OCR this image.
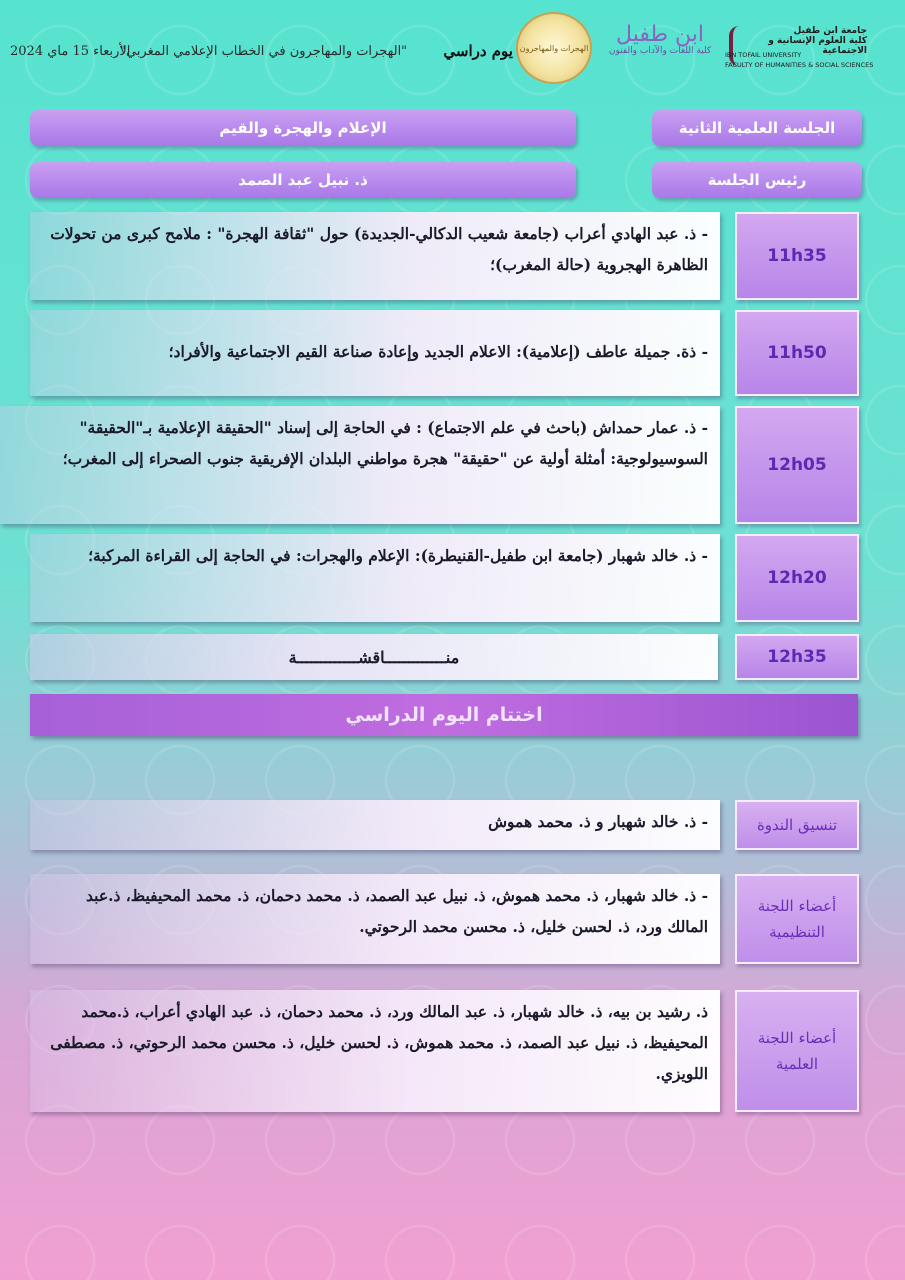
الأربعاء 15 ماي 2024	يوم دراسي
"الهجرات والمهاجرون في الخطاب الإعلامي المغربي"	الهجرات والمهاجرون
ابن طفيل
كلية اللغات والآداب والفنون
جامعة ابن طفيل
كلية العلوم الإنسانية و الاجتماعية
IBN TOFAIL UNIVERSITY
FACULTY OF HUMANITIES & SOCIAL SCIENCES
الجلسة العلمية الثانية
الإعلام والهجرة والقيم
رئيس الجلسة
ذ. نبيل عبد الصمد
11h35
- ذ. عبد الهادي أعراب (جامعة شعيب الدكالي-الجديدة) حول "ثقافة الهجرة" : ملامح كبرى من تحولات الظاهرة الهجروية (حالة المغرب)؛
11h50
- ذة. جميلة عاطف (إعلامية): الاعلام الجديد وإعادة صناعة القيم الاجتماعية والأفراد؛
12h05
- ذ. عمار حمداش (باحث في علم الاجتماع) : في الحاجة إلى إسناد "الحقيقة الإعلامية بـ"الحقيقة" السوسيولوجية: أمثلة أولية عن "حقيقة" هجرة مواطني البلدان الإفريقية جنوب الصحراء إلى المغرب؛
12h20
- ذ. خالد شهبار (جامعة ابن طفيل-القنيطرة): الإعلام والهجرات: في الحاجة إلى القراءة المركبة؛
12h35
منـــــــــــــاقشـــــــــــــة
اختتام اليوم الدراسي
تنسيق الندوة
- ذ. خالد شهبار و ذ. محمد هموش
أعضاء اللجنة التنظيمية
- ذ. خالد شهبار، ذ. محمد هموش، ذ. نبيل عبد الصمد، ذ. محمد دحمان، ذ. محمد المحيفيظ، ذ.عبد المالك ورد، ذ. لحسن خليل، ذ. محسن محمد الرحوتي.
أعضاء اللجنة العلمية
ذ. رشيد بن بيه، ذ. خالد شهبار، ذ. عبد المالك ورد، ذ. محمد دحمان، ذ. عبد الهادي أعراب، ذ.محمد المحيفيظ، ذ. نبيل عبد الصمد، ذ. محمد هموش، ذ. لحسن خليل، ذ. محسن محمد الرحوتي، ذ. مصطفى اللويزي.
